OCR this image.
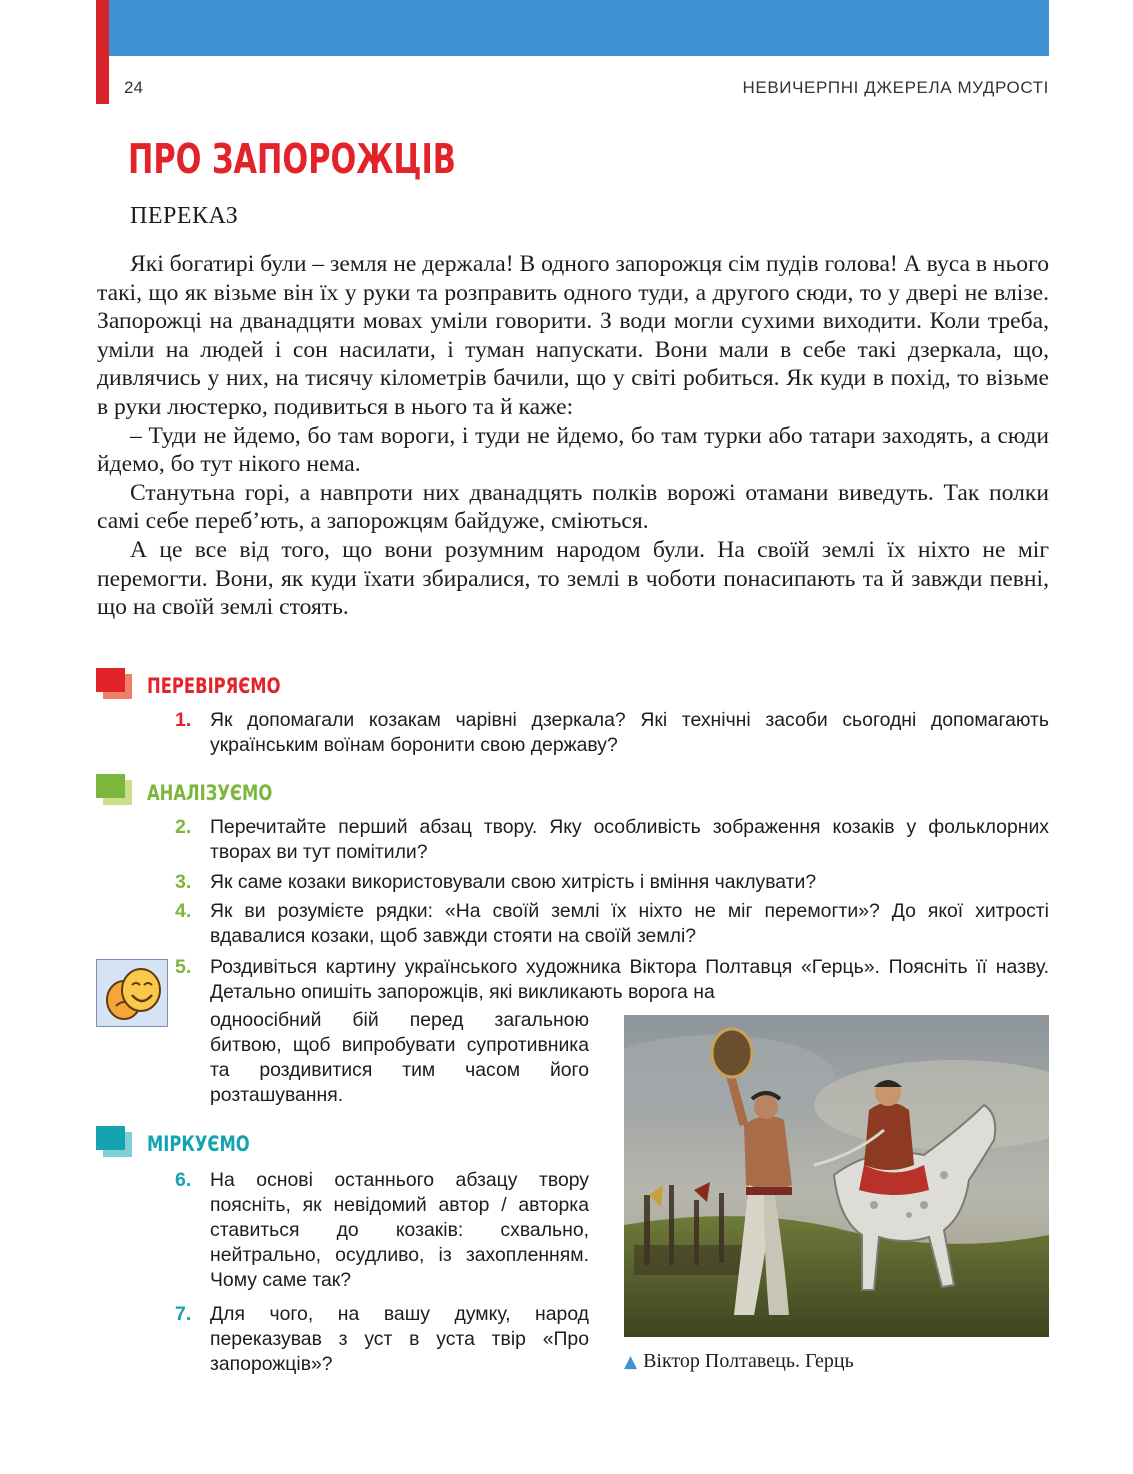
24	НЕВИЧЕРПНІ ДЖЕРЕЛА МУДРОСТІ
ПРО ЗАПОРОЖЦІВ
ПЕРЕКАЗ

Які богатирі були – земля не держала! В одного запорожця сім пудів голова! А вуса в нього такі, що як візьме він їх у руки та розправить одного туди, а другого сюди, то у двері не влізе. Запорожці на дванадцяти мовах уміли говорити. З води могли сухими виходити. Коли треба, уміли на людей і сон насилати, і туман напускати. Вони мали в себе такі дзеркала, що, дивлячись у них, на тисячу кілометрів бачили, що у світі робиться. Як куди в похід, то візьме в руки люстерко, подивиться в нього та й каже:

– Туди не йдемо, бо там вороги, і туди не йдемо, бо там турки або татари заходять, а сюди йдемо, бо тут нікого нема.

Станутьна горі, а навпроти них дванадцять полків ворожі отамани виведуть. Так полки самі себе переб’ють, а запорожцям байдуже, сміються.

А це все від того, що вони розумним народом були. На своїй землі їх ніхто не міг перемогти. Вони, як куди їхати збиралися, то землі в чоботи понасипають та й завжди певні, що на своїй землі стоять.

ПЕРЕВІРЯЄМО
1. Як допомагали козакам чарівні дзеркала? Які технічні засоби сьогодні допомагають українським воїнам боронити свою державу?
АНАЛІЗУЄМО
2. Перечитайте перший абзац твору. Яку особливість зображення козаків у фольклорних творах ви тут помітили?
3. Як саме козаки використовували свою хитрість і вміння чаклувати?
4. Як ви розумієте рядки: «На своїй землі їх ніхто не міг перемогти»? До якої хитрості вдавалися козаки, щоб завжди стояти на своїй землі?
5. Роздивіться картину українського художника Віктора Полтавця «Герць». Поясніть її назву. Детально опишіть запорожців, які викликають ворога на
одноосібний бій перед загальною битвою, щоб випробувати супротивника та роздивитися тим часом його розташування.
МІРКУЄМО
6. На основі останнього абзацу твору поясніть, як невідомий автор / авторка ставиться до козаків: схвально, нейтрально, осудливо, із захопленням. Чому саме так?
7. Для чого, на вашу думку, народ переказував з уст в уста твір «Про запорожців»?	▲ Віктор Полтавець. Герць
